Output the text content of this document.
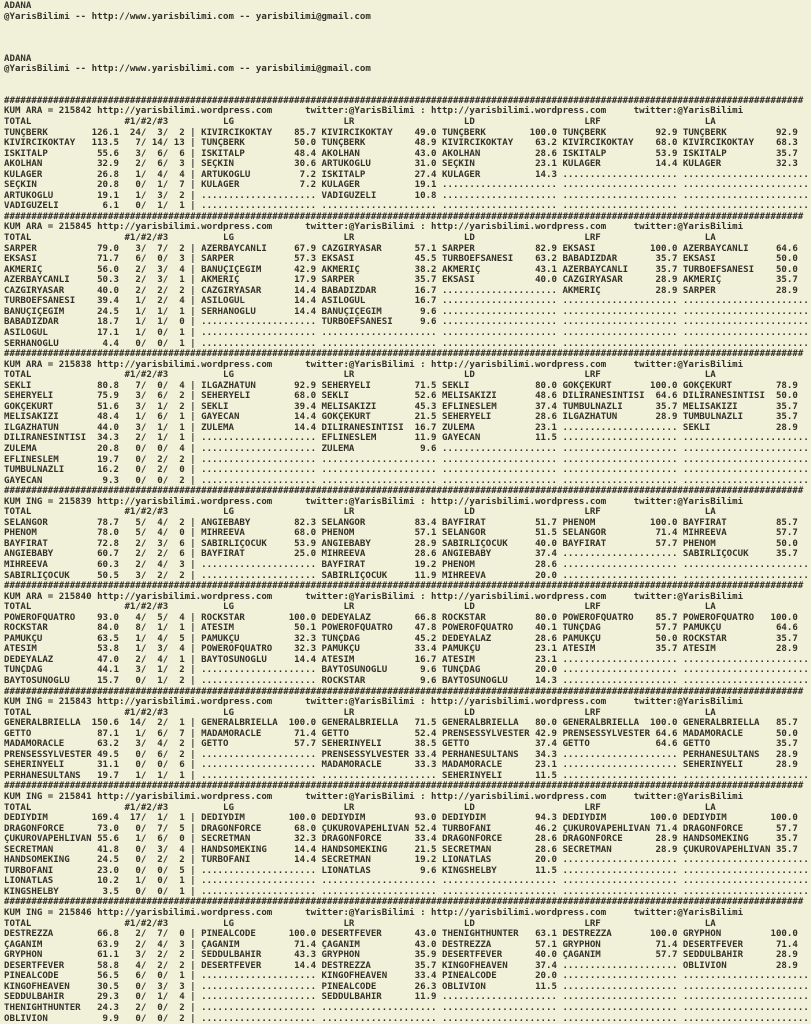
ADANA
@YarisBilimi -- http://www.yarisbilimi.com -- yarisbilimi@gmail.com
ADANA
@YarisBilimi -- http://www.yarisbilimi.com -- yarisbilimi@gmail.com
##################################################################################################################################################
KUM ARA = 215842 http://yarisbilimi.wordpress.com      twitter:@YarisBilimi : http://yarisbilimi.wordpress.com     twitter:@YarisBilimi
TOTAL                 #1/#2/#3          LG                    LR                    LD                    LRF                   LA
TUNÇBERK        126.1  24/  3/  2 | KIVIRCIKOKTAY    85.7 KIVIRCIKOKTAY    49.0 TUNÇBERK        100.0 TUNÇBERK         92.9 TUNÇBERK         92.9
KIVIRCIKOKTAY   113.5   7/ 14/ 13 | TUNÇBERK         50.0 TUNÇBERK         48.9 KIVIRCIKOKTAY    63.2 KIVIRCIKOKTAY    68.0 KIVIRCIKOKTAY    68.3
ISKITALP         55.6   3/  6/  6 | ISKITALP         48.4 AKOLHAN          43.0 AKOLHAN          28.6 ISKITALP         53.9 ISKITALP         35.7
AKOLHAN          32.9   2/  6/  3 | SEÇKIN           30.6 ARTUKOGLU        31.0 SEÇKIN           23.1 KULAGER          14.4 KULAGER          32.3
KULAGER          26.8   1/  4/  4 | ARTUKOGLU         7.2 ISKITALP         27.4 KULAGER          14.3 ..................... .......................
SEÇKIN           20.8   0/  1/  7 | KULAGER           7.2 KULAGER          19.1 ..................... ..................... .......................
ARTUKOGLU        19.1   1/  3/  2 | ..................... VADIGÜZELI       10.8 ..................... ..................... .......................
VADIGÜZELI        6.1   0/  1/  1 | ..................... ..................... ..................... ..................... .......................
##################################################################################################################################################
KUM ARA = 215845 http://yarisbilimi.wordpress.com      twitter:@YarisBilimi : http://yarisbilimi.wordpress.com     twitter:@YarisBilimi
TOTAL                 #1/#2/#3          LG                    LR                    LD                    LRF                   LA
SARPER           79.0   3/  7/  2 | AZERBAYCANLI     67.9 CAZGIRYASAR      57.1 SARPER           82.9 EKSASI          100.0 AZERBAYCANLI     64.6
EKSASI           71.7   6/  0/  3 | SARPER           57.3 EKSASI           45.5 TURBOEFSANESI    63.2 BABADIZDAR       35.7 EKSASI           50.0
AKMERIÇ          56.0   2/  3/  4 | BANUÇIÇEGIM      42.9 AKMERIÇ          38.2 AKMERIÇ          43.1 AZERBAYCANLI     35.7 TURBOEFSANESI    50.0
AZERBAYCANLI     50.3   2/  3/  1 | AKMERIÇ          17.9 SARPER           35.7 EKSASI           40.0 CAZGIRYASAR      28.9 AKMERIÇ          35.7
CAZGIRYASAR      40.0   2/  2/  2 | CAZGIRYASAR      14.4 BABADIZDAR       16.7 ..................... AKMERIÇ          28.9 SARPER           28.9
TURBOEFSANESI    39.4   1/  2/  4 | ASILOGUL         14.4 ASILOGUL         16.7 ..................... ..................... .......................
BANUÇIÇEGIM      24.5   1/  1/  1 | SERHANOGLU       14.4 BANUÇIÇEGIM       9.6 ..................... ..................... .......................
BABADIZDAR       18.7   1/  1/  0 | ..................... TURBOEFSANESI     9.6 ..................... ..................... .......................
ASILOGUL         17.1   1/  0/  1 | ..................... ..................... ..................... ..................... .......................
SERHANOGLU        4.4   0/  0/  1 | ..................... ..................... ..................... ..................... .......................
##################################################################################################################################################
KUM ARA = 215838 http://yarisbilimi.wordpress.com      twitter:@YarisBilimi : http://yarisbilimi.wordpress.com     twitter:@YarisBilimi
TOTAL                 #1/#2/#3          LG                    LR                    LD                    LRF                   LA
SEKLI            80.8   7/  0/  4 | ILGAZHATUN       92.9 SEHERYELI        71.5 SEKLI            80.0 GÖKÇEKURT       100.0 GÖKÇEKURT        78.9
SEHERYELI        75.9   3/  6/  2 | SEHERYELI        68.0 SEKLI            52.6 MELISAKIZI       48.6 DILIRANESINTISI  64.6 DILIRANESINTISI  50.0
GÖKÇEKURT        51.6   3/  1/  2 | SEKLI            39.4 MELISAKIZI       45.3 EFLINESLEM       37.4 TUMBULNAZLI      35.7 MELISAKIZI       35.7
MELISAKIZI       48.4   1/  6/  1 | GAYECAN          14.4 GÖKÇEKURT        21.5 SEHERYELI        28.6 ILGAZHATUN       28.9 TUMBULNAZLI      35.7
ILGAZHATUN       44.0   3/  1/  1 | ZULEMA           14.4 DILIRANESINTISI  16.7 ZULEMA           23.1 ..................... SEKLI            28.9
DILIRANESINTISI  34.3   2/  1/  1 | ..................... EFLINESLEM       11.9 GAYECAN          11.5 ..................... .......................
ZULEMA           20.8   0/  0/  4 | ..................... ZULEMA            9.6 ..................... ..................... .......................
EFLINESLEM       19.7   0/  2/  2 | ..................... ..................... ..................... ..................... .......................
TUMBULNAZLI      16.2   0/  2/  0 | ..................... ..................... ..................... ..................... .......................
GAYECAN           9.3   0/  0/  2 | ..................... ..................... ..................... ..................... .......................
##################################################################################################################################################
KUM ING = 215839 http://yarisbilimi.wordpress.com      twitter:@YarisBilimi : http://yarisbilimi.wordpress.com     twitter:@YarisBilimi
TOTAL                 #1/#2/#3          LG                    LR                    LD                    LRF                   LA
SELANGOR         78.7   5/  4/  2 | ANGIEBABY        82.3 SELANGOR         83.4 BAYFIRAT         51.7 PHENOM          100.0 BAYFIRAT         85.7
PHENOM           78.0   5/  4/  0 | MIHREEVA         68.0 PHENOM           57.1 SELANGOR         51.5 SELANGOR         71.4 MIHREEVA         57.7
BAYFIRAT         72.8   2/  3/  6 | SABIRLIÇOCUK     53.9 ANGIEBABY        28.9 SABIRLIÇOCUK     40.0 BAYFIRAT         57.7 PHENOM           50.0
ANGIEBABY        60.7   2/  2/  6 | BAYFIRAT         25.0 MIHREEVA         28.6 ANGIEBABY        37.4 ..................... SABIRLIÇOCUK     35.7
MIHREEVA         60.3   2/  4/  3 | ..................... BAYFIRAT         19.2 PHENOM           28.6 ..................... .......................
SABIRLIÇOCUK     50.5   3/  2/  2 | ..................... SABIRLIÇOCUK     11.9 MIHREEVA         20.0 ..................... .......................
##################################################################################################################################################
KUM ARA = 215840 http://yarisbilimi.wordpress.com      twitter:@YarisBilimi : http://yarisbilimi.wordpress.com     twitter:@YarisBilimi
TOTAL                 #1/#2/#3          LG                    LR                    LD                    LRF                   LA
POWEROFQUATRO    93.0   4/  5/  4 | ROCKSTAR        100.0 DEDEYALAZ        66.8 ROCKSTAR         80.0 POWEROFQUATRO    85.7 POWEROFQUATRO   100.0
ROCKSTAR         84.0   8/  1/  1 | ATESIM           50.1 POWEROFQUATRO    47.8 POWEROFQUATRO    40.1 TUNÇDAG          57.7 PAMUKÇU          64.6
PAMUKÇU          63.5   1/  4/  5 | PAMUKÇU          32.3 TUNÇDAG          45.2 DEDEYALAZ        28.6 PAMUKÇU          50.0 ROCKSTAR         35.7
ATESIM           53.8   1/  3/  4 | POWEROFQUATRO    32.3 PAMUKÇU          33.4 PAMUKÇU          23.1 ATESIM           35.7 ATESIM           28.9
DEDEYALAZ        47.0   2/  4/  1 | BAYTOSUNOGLU     14.4 ATESIM           16.7 ATESIM           23.1 ..................... .......................
TUNÇDAG          44.1   3/  1/  2 | ..................... BAYTOSUNOGLU      9.6 TUNÇDAG          20.0 ..................... .......................
BAYTOSUNOGLU     15.7   0/  1/  2 | ..................... ROCKSTAR          9.6 BAYTOSUNOGLU     14.3 ..................... .......................
##################################################################################################################################################
KUM ING = 215843 http://yarisbilimi.wordpress.com      twitter:@YarisBilimi : http://yarisbilimi.wordpress.com     twitter:@YarisBilimi
TOTAL                 #1/#2/#3          LG                    LR                    LD                    LRF                   LA
GENERALBRIELLA  150.6  14/  2/  1 | GENERALBRIELLA  100.0 GENERALBRIELLA   71.5 GENERALBRIELLA   80.0 GENERALBRIELLA  100.0 GENERALBRIELLA   85.7
GETTO            87.1   1/  6/  7 | MADAMORACLE      71.4 GETTO            52.4 PRENSESSYLVESTER 42.9 PRENSESSYLVESTER 64.6 MADAMORACLE      50.0
MADAMORACLE      63.2   3/  4/  2 | GETTO            57.7 SEHERINYELI      38.5 GETTO            37.4 GETTO            64.6 GETTO            35.7
PRENSESSYLVESTER 49.5   0/  6/  2 | ..................... PRENSESSYLVESTER 33.4 PERHANESULTANS   34.3 ..................... PERHANESULTANS   28.9
SEHERINYELI      31.1   0/  0/  6 | ..................... MADAMORACLE      33.3 MADAMORACLE      23.1 ..................... SEHERINYELI      28.9
PERHANESULTANS   19.7   1/  1/  1 | ..................... ..................... SEHERINYELI      11.5 ..................... .......................
##################################################################################################################################################
KUM ING = 215841 http://yarisbilimi.wordpress.com      twitter:@YarisBilimi : http://yarisbilimi.wordpress.com     twitter:@YarisBilimi
TOTAL                 #1/#2/#3          LG                    LR                    LD                    LRF                   LA
DEDIYDIM        169.4  17/  1/  1 | DEDIYDIM        100.0 DEDIYDIM         93.0 DEDIYDIM         94.3 DEDIYDIM        100.0 DEDIYDIM        100.0
DRAGONFORCE      73.0   0/  7/  5 | DRAGONFORCE      68.0 ÇUKUROVAPEHLIVAN 52.4 TURBOFANI        46.2 ÇUKUROVAPEHLIVAN 71.4 DRAGONFORCE      57.7
ÇUKUROVAPEHLIVAN 55.6   1/  6/  0 | SECRETMAN        32.3 DRAGONFORCE      33.4 DRAGONFORCE      28.6 DRAGONFORCE      28.9 HANDSOMEKING     35.7
SECRETMAN        41.8   0/  3/  4 | HANDSOMEKING     14.4 HANDSOMEKING     21.5 SECRETMAN        28.6 SECRETMAN        28.9 ÇUKUROVAPEHLIVAN 35.7
HANDSOMEKING     24.5   0/  2/  2 | TURBOFANI        14.4 SECRETMAN        19.2 LIONATLAS        20.0 ..................... .......................
TURBOFANI        23.0   0/  0/  5 | ..................... LIONATLAS         9.6 KINGSHELBY       11.5 ..................... .......................
LIONATLAS        10.2   1/  0/  1 | ..................... ..................... ..................... ..................... .......................
KINGSHELBY        3.5   0/  0/  1 | ..................... ..................... ..................... ..................... .......................
##################################################################################################################################################
KUM ING = 215846 http://yarisbilimi.wordpress.com      twitter:@YarisBilimi : http://yarisbilimi.wordpress.com     twitter:@YarisBilimi
TOTAL                 #1/#2/#3          LG                    LR                    LD                    LRF                   LA
DESTREZZA        66.8   2/  7/  0 | PINEALCODE      100.0 DESERTFEVER      43.0 THENIGHTHUNTER   63.1 DESTREZZA       100.0 GRYPHON         100.0
ÇAGANIM          63.9   2/  4/  3 | ÇAGANIM          71.4 ÇAGANIM          43.0 DESTREZZA        57.1 GRYPHON          71.4 DESERTFEVER      71.4
GRYPHON          61.1   3/  2/  2 | SEDDÜLBAHIR      43.3 GRYPHON          35.9 DESERTFEVER      40.0 ÇAGANIM          57.7 SEDDÜLBAHIR      28.9
DESERTFEVER      58.8   4/  2/  2 | DESERTFEVER      14.4 DESTREZZA        35.7 KINGOFHEAVEN     37.4 ..................... OBLIVION         28.9
PINEALCODE       56.5   6/  0/  1 | ..................... KINGOFHEAVEN     33.4 PINEALCODE       20.0 ..................... .......................
KINGOFHEAVEN     30.5   0/  3/  3 | ..................... PINEALCODE       26.3 OBLIVION         11.5 ..................... .......................
SEDDÜLBAHIR      29.3   0/  1/  4 | ..................... SEDDÜLBAHIR      11.9 ..................... ..................... .......................
THENIGHTHUNTER   24.3   2/  0/  2 | ..................... ..................... ..................... ..................... .......................
OBLIVION          9.9   0/  0/  2 | ..................... ..................... ..................... ..................... .......................
